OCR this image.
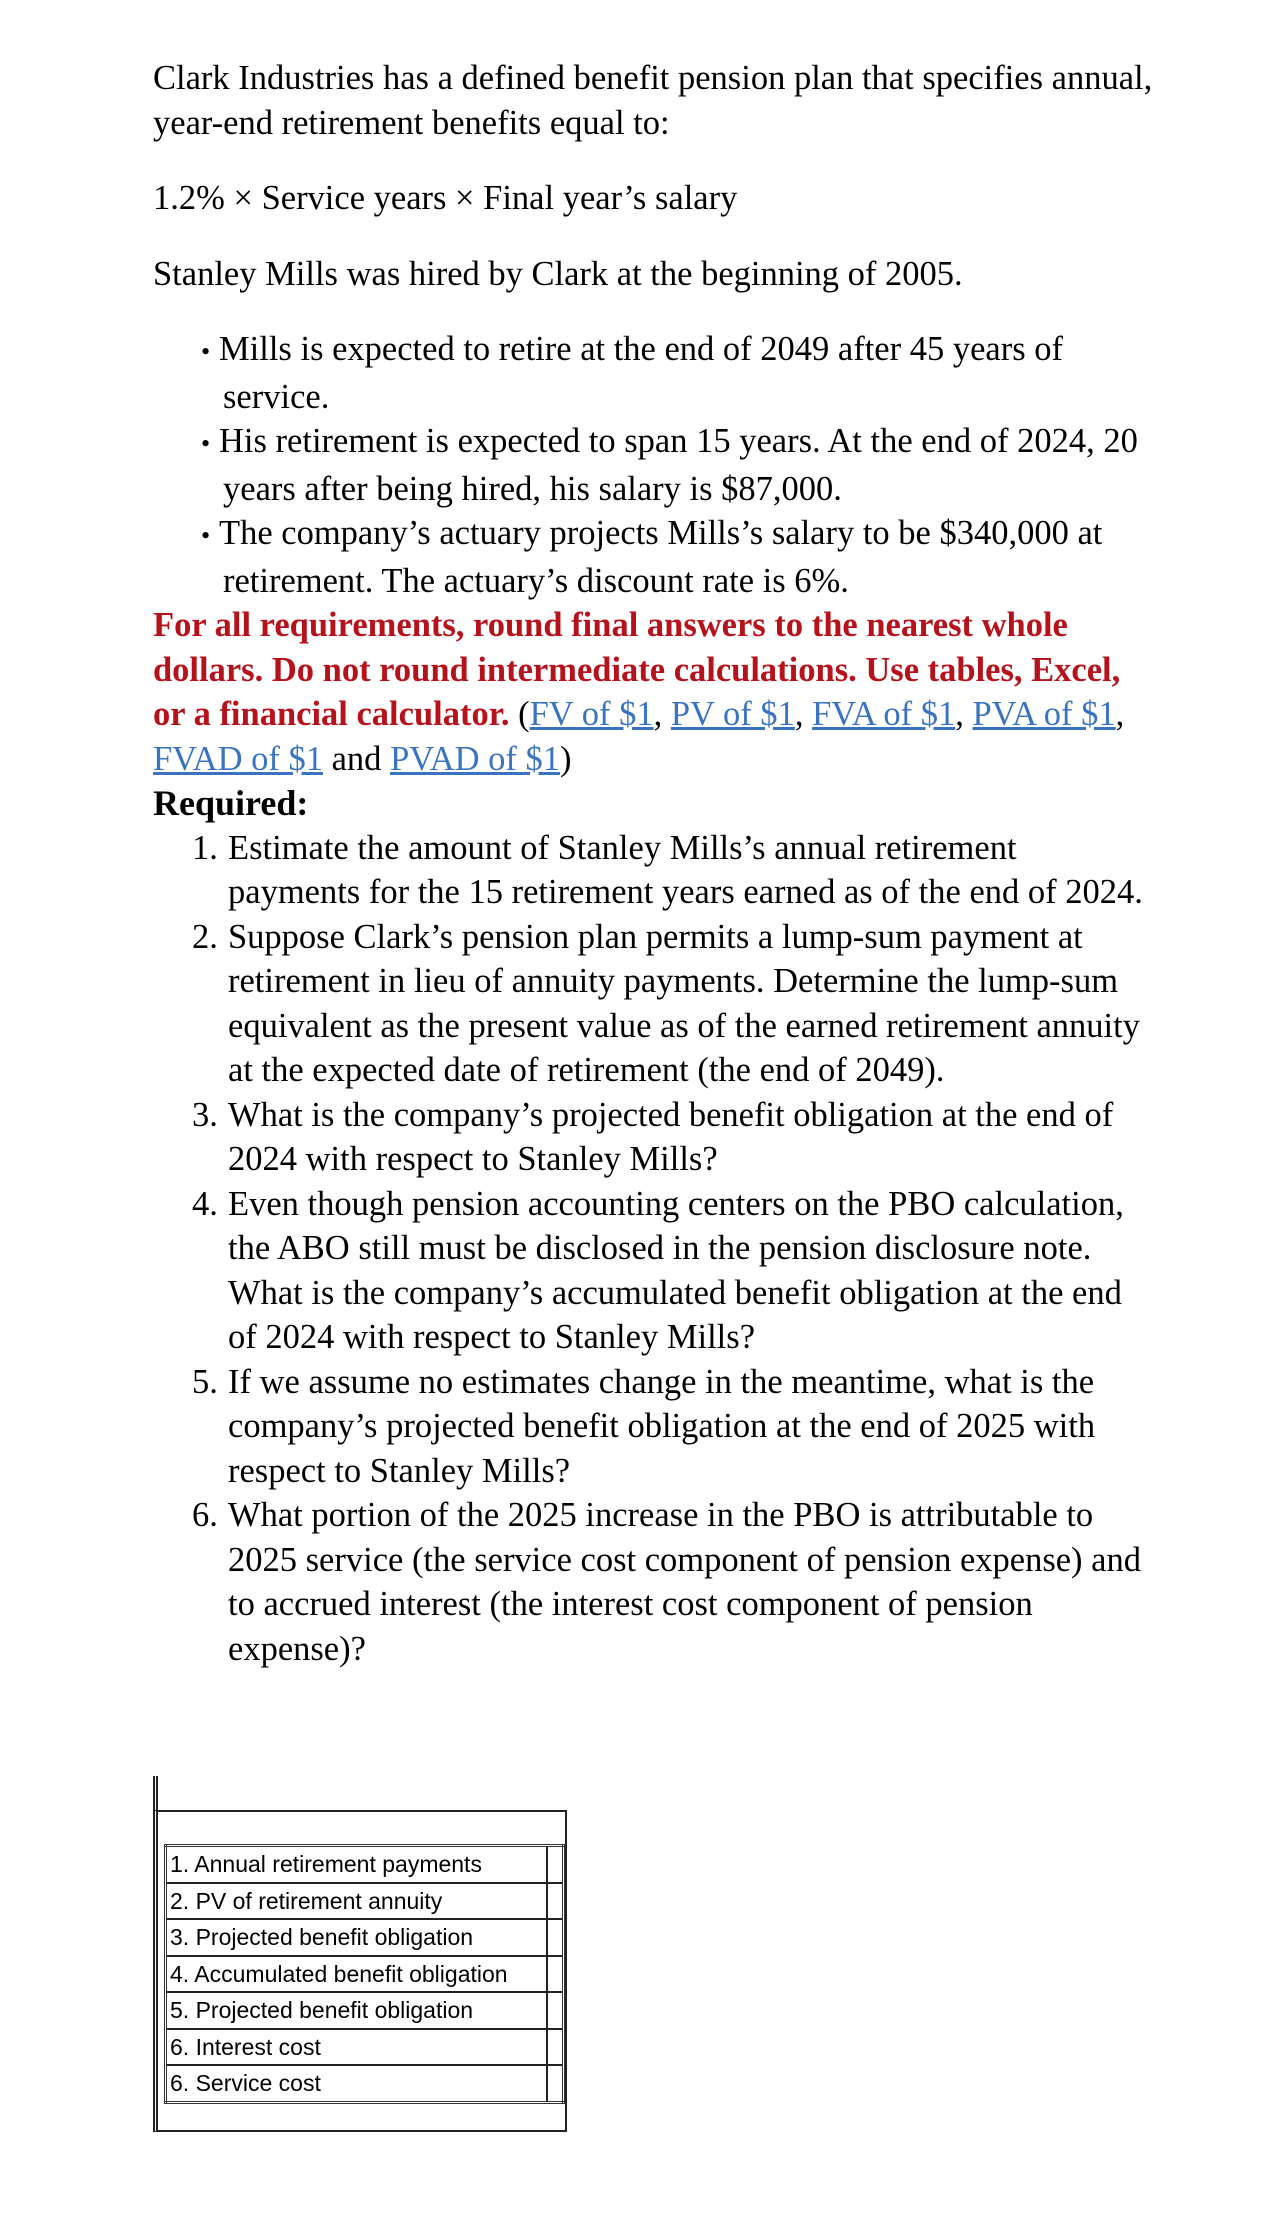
Clark Industries has a defined benefit pension plan that specifies annual, year-end retirement benefits equal to:

1.2% × Service years × Final year’s salary

Stanley Mills was hired by Clark at the beginning of 2005.

• Mills is expected to retire at the end of 2049 after 45 years of service.
• His retirement is expected to span 15 years. At the end of 2024, 20 years after being hired, his salary is $87,000.
• The company’s actuary projects Mills’s salary to be $340,000 at retirement. The actuary’s discount rate is 6%.

For all requirements, round final answers to the nearest whole dollars. Do not round intermediate calculations. Use tables, Excel, or a financial calculator. (FV of $1, PV of $1, FVA of $1, PVA of $1, FVAD of $1 and PVAD of $1)

Required:
1. Estimate the amount of Stanley Mills’s annual retirement payments for the 15 retirement years earned as of the end of 2024.
2. Suppose Clark’s pension plan permits a lump-sum payment at retirement in lieu of annuity payments. Determine the lump-sum equivalent as the present value as of the earned retirement annuity at the expected date of retirement (the end of 2049).
3. What is the company’s projected benefit obligation at the end of 2024 with respect to Stanley Mills?
4. Even though pension accounting centers on the PBO calculation, the ABO still must be disclosed in the pension disclosure note. What is the company’s accumulated benefit obligation at the end of 2024 with respect to Stanley Mills?
5. If we assume no estimates change in the meantime, what is the company’s projected benefit obligation at the end of 2025 with respect to Stanley Mills?
6. What portion of the 2025 increase in the PBO is attributable to 2025 service (the service cost component of pension expense) and to accrued interest (the interest cost component of pension expense)?
1. Annual retirement payments	
2. PV of retirement annuity	
3. Projected benefit obligation	
4. Accumulated benefit obligation	
5. Projected benefit obligation	
6. Interest cost	
6. Service cost	
